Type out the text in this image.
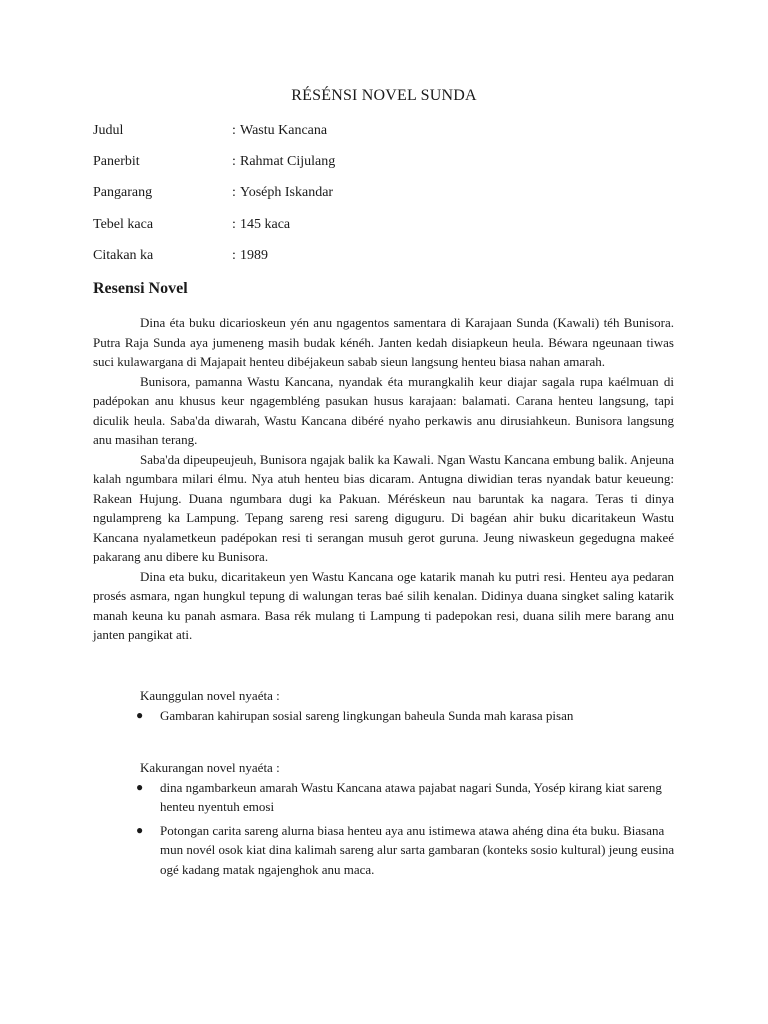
RÉSÉNSI NOVEL SUNDA
Judul	: Wastu Kancana
Panerbit	: Rahmat Cijulang
Pangarang	: Yoséph Iskandar
Tebel kaca	: 145 kaca
Citakan ka	: 1989
Resensi Novel

Dina éta buku dicarioskeun yén anu ngagentos samentara di Karajaan Sunda (Kawali) téh Bunisora. Putra Raja Sunda aya jumeneng masih budak kénéh. Janten kedah disiapkeun heula. Béwara ngeunaan tiwas suci kulawargana di Majapait henteu dibéjakeun sabab sieun langsung henteu biasa nahan amarah.

Bunisora, pamanna Wastu Kancana, nyandak éta murangkalih keur diajar sagala rupa kaélmuan di padépokan anu khusus keur ngagembléng pasukan husus karajaan: balamati. Carana henteu langsung, tapi diculik heula. Saba'da diwarah, Wastu Kancana dibéré nyaho perkawis anu dirusiahkeun. Bunisora langsung anu masihan terang.

Saba'da dipeupeujeuh, Bunisora ngajak balik ka Kawali. Ngan Wastu Kancana embung balik. Anjeuna kalah ngumbara milari élmu. Nya atuh henteu bias dicaram. Antugna diwidian teras nyandak batur keueung: Rakean Hujung. Duana ngumbara dugi ka Pakuan. Méréskeun nau baruntak ka nagara. Teras ti dinya ngulampreng ka Lampung. Tepang sareng resi sareng diguguru. Di bagéan ahir buku dicaritakeun Wastu Kancana nyalametkeun padépokan resi ti serangan musuh gerot guruna. Jeung niwaskeun gegedugna makeé pakarang anu dibere ku Bunisora.

Dina eta buku, dicaritakeun yen Wastu Kancana oge katarik manah ku putri resi. Henteu aya pedaran prosés asmara, ngan hungkul tepung di walungan teras baé silih kenalan. Didinya duana singket saling katarik manah keuna ku panah asmara. Basa rék mulang ti Lampung ti padepokan resi, duana silih mere barang anu janten pangikat ati.

Kaunggulan novel nyaéta :

● Gambaran kahirupan sosial sareng lingkungan baheula Sunda mah karasa pisan

Kakurangan novel nyaéta :

● dina ngambarkeun amarah Wastu Kancana atawa pajabat nagari Sunda, Yosép kirang kiat sareng henteu nyentuh emosi
● Potongan carita sareng alurna biasa henteu aya anu istimewa atawa ahéng dina éta buku. Biasana mun novél osok kiat dina kalimah sareng alur sarta gambaran (konteks sosio kultural) jeung eusina ogé kadang matak ngajenghok anu maca.
